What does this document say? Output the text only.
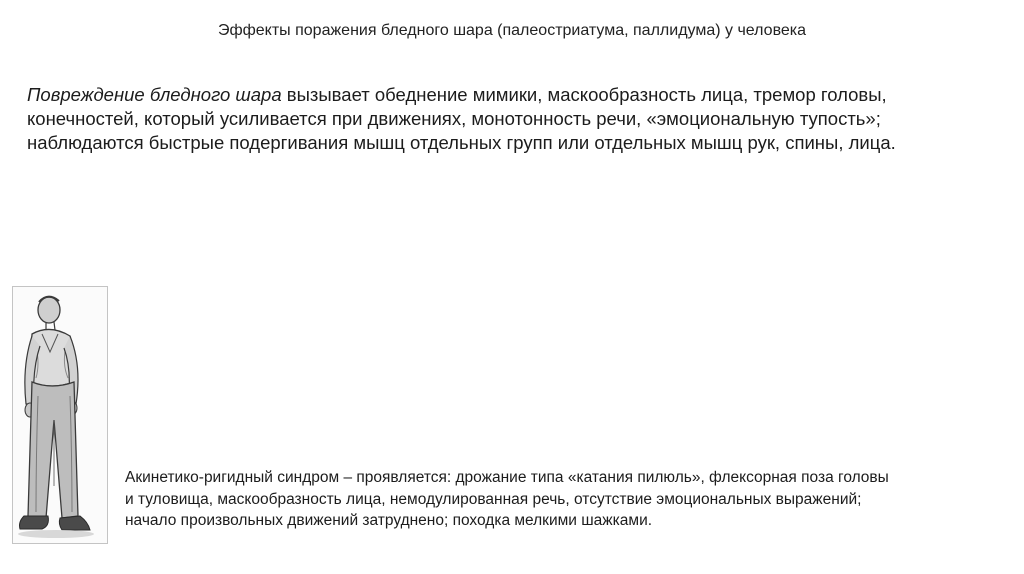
Эффекты поражения бледного шара (палеостриатума, паллидума) у человека
Повреждение бледного шара вызывает обеднение мимики, маскообразность лица, тремор головы,
конечностей, который усиливается при движениях, монотонность речи, «эмоциональную тупость»;
наблюдаются быстрые подергивания мышц отдельных групп или отдельных мышц рук, спины, лица.
Акинетико-ригидный синдром – проявляется: дрожание типа «катания пилюль», флексорная поза головы
и туловища, маскообразность лица, немодулированная речь, отсутствие эмоциональных выражений;
начало произвольных движений затруднено; походка мелкими шажками.
